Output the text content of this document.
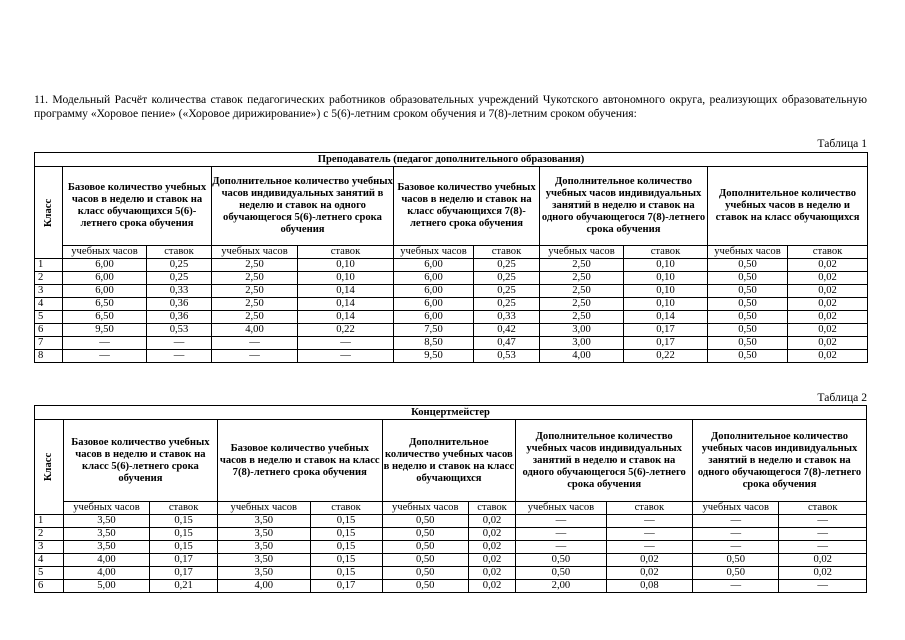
11. Модельный Расчёт количества ставок педагогических работников образовательных учреждений Чукотского автономного округа, реализующих образовательную программу «Хоровое пение» («Хоровое дирижирование») с 5(6)-летним сроком обучения и 7(8)-летним сроком обучения:

Таблица 1
Преподаватель (педагог дополнительного образования)										
Класс	Базовое количество учебных часов в неделю и ставок на класс обучающихся 5(6)-летнего срока обучения		Дополнительное количество учебных часов индивидуальных занятий в неделю и ставок на одного обучающегося 5(6)-летнего срока обучения		Базовое количество учебных часов в неделю и ставок на класс обучающихся 7(8)-летнего срока обучения		Дополнительное количество учебных часов индивидуальных занятий в неделю и ставок на одного обучающегося 7(8)-летнего срока обучения		Дополнительное количество учебных часов в неделю и ставок на класс обучающихся	
	учебных часов	ставок	учебных часов	ставок	учебных часов	ставок	учебных часов	ставок	учебных часов	ставок
1	6,00	0,25	2,50	0,10	6,00	0,25	2,50	0,10	0,50	0,02
2	6,00	0,25	2,50	0,10	6,00	0,25	2,50	0,10	0,50	0,02
3	6,00	0,33	2,50	0,14	6,00	0,25	2,50	0,10	0,50	0,02
4	6,50	0,36	2,50	0,14	6,00	0,25	2,50	0,10	0,50	0,02
5	6,50	0,36	2,50	0,14	6,00	0,33	2,50	0,14	0,50	0,02
6	9,50	0,53	4,00	0,22	7,50	0,42	3,00	0,17	0,50	0,02
7	—	—	—	—	8,50	0,47	3,00	0,17	0,50	0,02
8	—	—	—	—	9,50	0,53	4,00	0,22	0,50	0,02
Таблица 2
Концертмейстер										
Класс	Базовое количество учебных часов в неделю и ставок на класс 5(6)-летнего срока обучения		Базовое количество учебных часов в неделю и ставок на класс 7(8)-летнего срока обучения		Дополнительное количество учебных часов в неделю и ставок на класс обучающихся		Дополнительное количество учебных часов индивидуальных занятий в неделю и ставок на одного обучающегося 5(6)-летнего срока обучения		Дополнительное количество учебных часов индивидуальных занятий в неделю и ставок на одного обучающегося 7(8)-летнего срока обучения	
	учебных часов	ставок	учебных часов	ставок	учебных часов	ставок	учебных часов	ставок	учебных часов	ставок
1	3,50	0,15	3,50	0,15	0,50	0,02	—	—	—	—
2	3,50	0,15	3,50	0,15	0,50	0,02	—	—	—	—
3	3,50	0,15	3,50	0,15	0,50	0,02	—	—	—	—
4	4,00	0,17	3,50	0,15	0,50	0,02	0,50	0,02	0,50	0,02
5	4,00	0,17	3,50	0,15	0,50	0,02	0,50	0,02	0,50	0,02
6	5,00	0,21	4,00	0,17	0,50	0,02	2,00	0,08	—	—
